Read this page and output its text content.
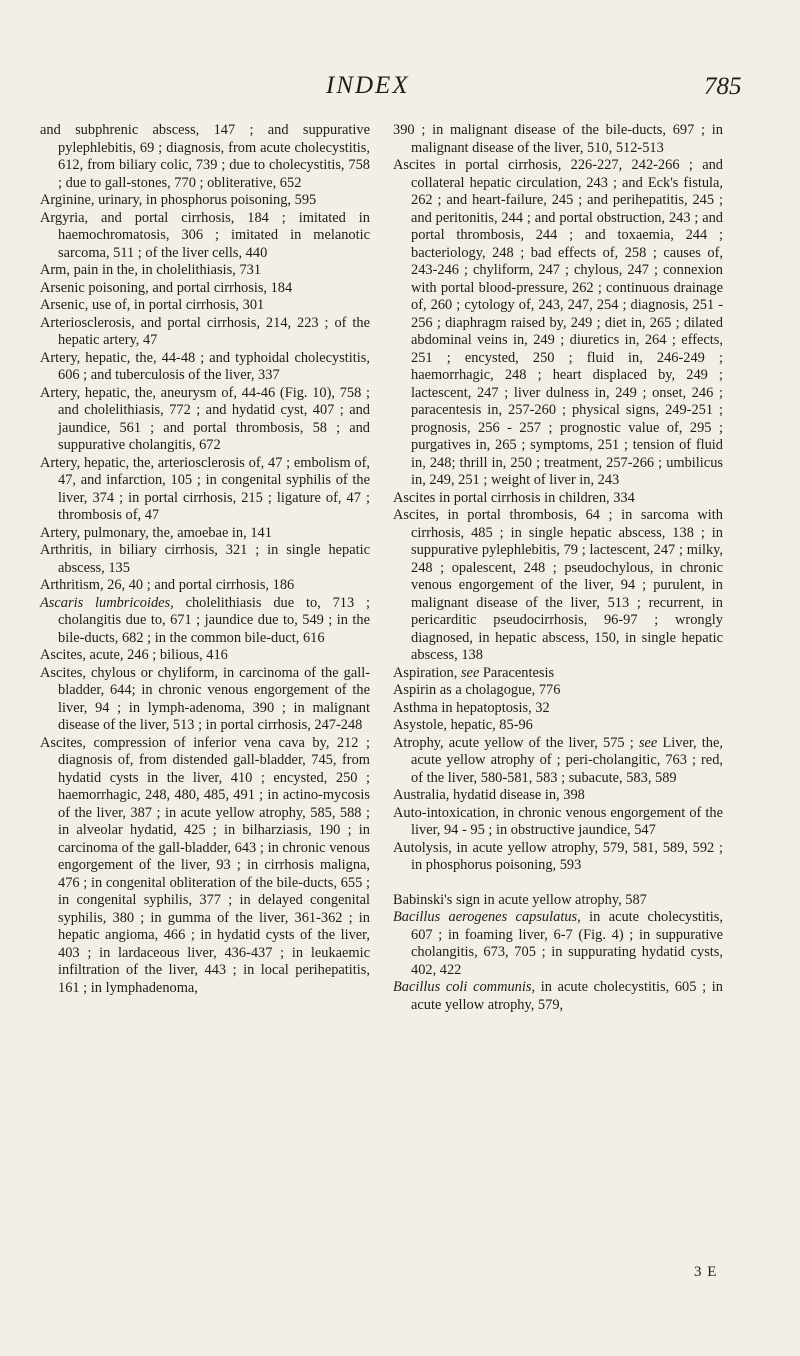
INDEX	785

and subphrenic abscess, 147 ; and suppurative pylephlebitis, 69 ; diagnosis, from acute cholecystitis, 612, from biliary colic, 739 ; due to cholecystitis, 758 ; due to gall-stones, 770 ; obliterative, 652

Arginine, urinary, in phosphorus poisoning, 595

Argyria, and portal cirrhosis, 184 ; imitated in haemochromatosis, 306 ; imitated in melanotic sarcoma, 511 ; of the liver cells, 440

Arm, pain in the, in cholelithiasis, 731

Arsenic poisoning, and portal cirrhosis, 184

Arsenic, use of, in portal cirrhosis, 301

Arteriosclerosis, and portal cirrhosis, 214, 223 ; of the hepatic artery, 47

Artery, hepatic, the, 44-48 ; and typhoidal cholecystitis, 606 ; and tuberculosis of the liver, 337

Artery, hepatic, the, aneurysm of, 44-46 (Fig. 10), 758 ; and cholelithiasis, 772 ; and hydatid cyst, 407 ; and jaundice, 561 ; and portal thrombosis, 58 ; and suppurative cholangitis, 672

Artery, hepatic, the, arteriosclerosis of, 47 ; embolism of, 47, and infarction, 105 ; in congenital syphilis of the liver, 374 ; in portal cirrhosis, 215 ; ligature of, 47 ; thrombosis of, 47

Artery, pulmonary, the, amoebae in, 141

Arthritis, in biliary cirrhosis, 321 ; in single hepatic abscess, 135

Arthritism, 26, 40 ; and portal cirrhosis, 186

Ascaris lumbricoides, cholelithiasis due to, 713 ; cholangitis due to, 671 ; jaundice due to, 549 ; in the bile-ducts, 682 ; in the common bile-duct, 616

Ascites, acute, 246 ; bilious, 416

Ascites, chylous or chyliform, in carcinoma of the gall-bladder, 644; in chronic venous engorgement of the liver, 94 ; in lymph-adenoma, 390 ; in malignant disease of the liver, 513 ; in portal cirrhosis, 247-248

Ascites, compression of inferior vena cava by, 212 ; diagnosis of, from distended gall-bladder, 745, from hydatid cysts in the liver, 410 ; encysted, 250 ; haemorrhagic, 248, 480, 485, 491 ; in actino-mycosis of the liver, 387 ; in acute yellow atrophy, 585, 588 ; in alveolar hydatid, 425 ; in bilharziasis, 190 ; in carcinoma of the gall-bladder, 643 ; in chronic venous engorgement of the liver, 93 ; in cirrhosis maligna, 476 ; in congenital obliteration of the bile-ducts, 655 ; in congenital syphilis, 377 ; in delayed congenital syphilis, 380 ; in gumma of the liver, 361-362 ; in hepatic angioma, 466 ; in hydatid cysts of the liver, 403 ; in lardaceous liver, 436-437 ; in leukaemic infiltration of the liver, 443 ; in local perihepatitis, 161 ; in lymphadenoma,

390 ; in malignant disease of the bile-ducts, 697 ; in malignant disease of the liver, 510, 512-513

Ascites in portal cirrhosis, 226-227, 242-266 ; and collateral hepatic circulation, 243 ; and Eck's fistula, 262 ; and heart-failure, 245 ; and perihepatitis, 245 ; and peritonitis, 244 ; and portal obstruction, 243 ; and portal thrombosis, 244 ; and toxaemia, 244 ; bacteriology, 248 ; bad effects of, 258 ; causes of, 243-246 ; chyliform, 247 ; chylous, 247 ; connexion with portal blood-pressure, 262 ; continuous drainage of, 260 ; cytology of, 243, 247, 254 ; diagnosis, 251 - 256 ; diaphragm raised by, 249 ; diet in, 265 ; dilated abdominal veins in, 249 ; diuretics in, 264 ; effects, 251 ; encysted, 250 ; fluid in, 246-249 ; haemorrhagic, 248 ; heart displaced by, 249 ; lactescent, 247 ; liver dulness in, 249 ; onset, 246 ; paracentesis in, 257-260 ; physical signs, 249-251 ; prognosis, 256 - 257 ; prognostic value of, 295 ; purgatives in, 265 ; symptoms, 251 ; tension of fluid in, 248; thrill in, 250 ; treatment, 257-266 ; umbilicus in, 249, 251 ; weight of liver in, 243

Ascites in portal cirrhosis in children, 334

Ascites, in portal thrombosis, 64 ; in sarcoma with cirrhosis, 485 ; in single hepatic abscess, 138 ; in suppurative pylephlebitis, 79 ; lactescent, 247 ; milky, 248 ; opalescent, 248 ; pseudochylous, in chronic venous engorgement of the liver, 94 ; purulent, in malignant disease of the liver, 513 ; recurrent, in pericarditic pseudocirrhosis, 96-97 ; wrongly diagnosed, in hepatic abscess, 150, in single hepatic abscess, 138

Aspiration, see Paracentesis

Aspirin as a cholagogue, 776

Asthma in hepatoptosis, 32

Asystole, hepatic, 85-96

Atrophy, acute yellow of the liver, 575 ; see Liver, the, acute yellow atrophy of ; peri-cholangitic, 763 ; red, of the liver, 580-581, 583 ; subacute, 583, 589

Australia, hydatid disease in, 398

Auto-intoxication, in chronic venous engorgement of the liver, 94 - 95 ; in obstructive jaundice, 547

Autolysis, in acute yellow atrophy, 579, 581, 589, 592 ; in phosphorus poisoning, 593

Babinski's sign in acute yellow atrophy, 587

Bacillus aerogenes capsulatus, in acute cholecystitis, 607 ; in foaming liver, 6-7 (Fig. 4) ; in suppurative cholangitis, 673, 705 ; in suppurating hydatid cysts, 402, 422

Bacillus coli communis, in acute cholecystitis, 605 ; in acute yellow atrophy, 579,

3 E
